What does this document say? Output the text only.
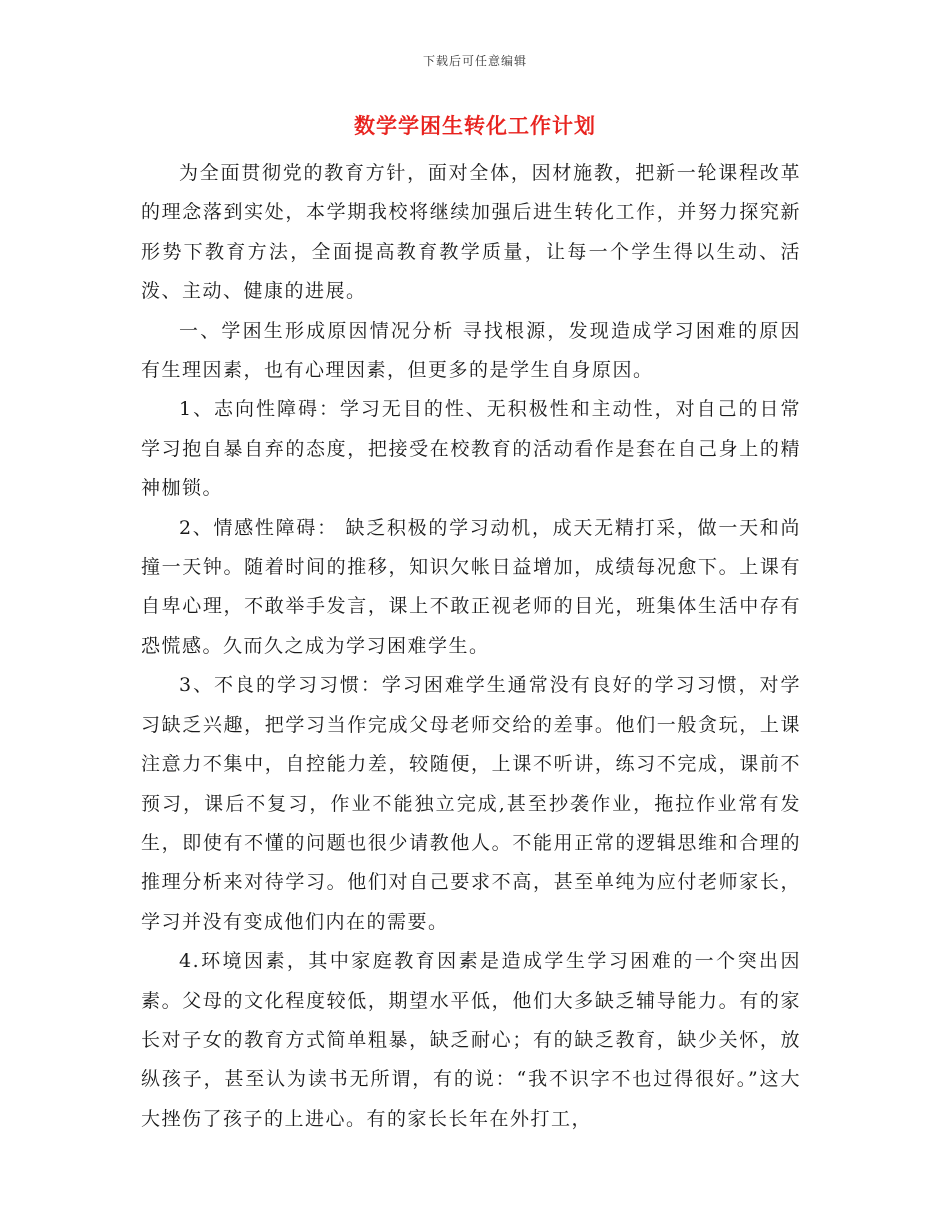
下载后可任意编辑
数学学困生转化工作计划

为全面贯彻党的教育方针，面对全体，因材施教，把新一轮课程改革的理念落到实处，本学期我校将继续加强后进生转化工作，并努力探究新形势下教育方法，全面提高教育教学质量，让每一个学生得以生动、活泼、主动、健康的进展。

一、学困生形成原因情况分析 寻找根源，发现造成学习困难的原因有生理因素，也有心理因素，但更多的是学生自身原因。

1、志向性障碍：学习无目的性、无积极性和主动性，对自己的日常学习抱自暴自弃的态度，把接受在校教育的活动看作是套在自己身上的精神枷锁。

2、情感性障碍： 缺乏积极的学习动机，成天无精打采，做一天和尚撞一天钟。随着时间的推移，知识欠帐日益增加，成绩每况愈下。上课有自卑心理，不敢举手发言，课上不敢正视老师的目光，班集体生活中存有恐慌感。久而久之成为学习困难学生。

3、不良的学习习惯：学习困难学生通常没有良好的学习习惯，对学习缺乏兴趣，把学习当作完成父母老师交给的差事。他们一般贪玩，上课注意力不集中，自控能力差，较随便，上课不听讲，练习不完成，课前不预习，课后不复习，作业不能独立完成,甚至抄袭作业，拖拉作业常有发生，即使有不懂的问题也很少请教他人。不能用正常的逻辑思维和合理的推理分析来对待学习。他们对自己要求不高，甚至单纯为应付老师家长，学习并没有变成他们内在的需要。

4.环境因素，其中家庭教育因素是造成学生学习困难的一个突出因素。父母的文化程度较低，期望水平低，他们大多缺乏辅导能力。有的家长对子女的教育方式简单粗暴，缺乏耐心；有的缺乏教育，缺少关怀，放纵孩子，甚至认为读书无所谓，有的说：“我不识字不也过得很好。”这大大挫伤了孩子的上进心。有的家长长年在外打工，
